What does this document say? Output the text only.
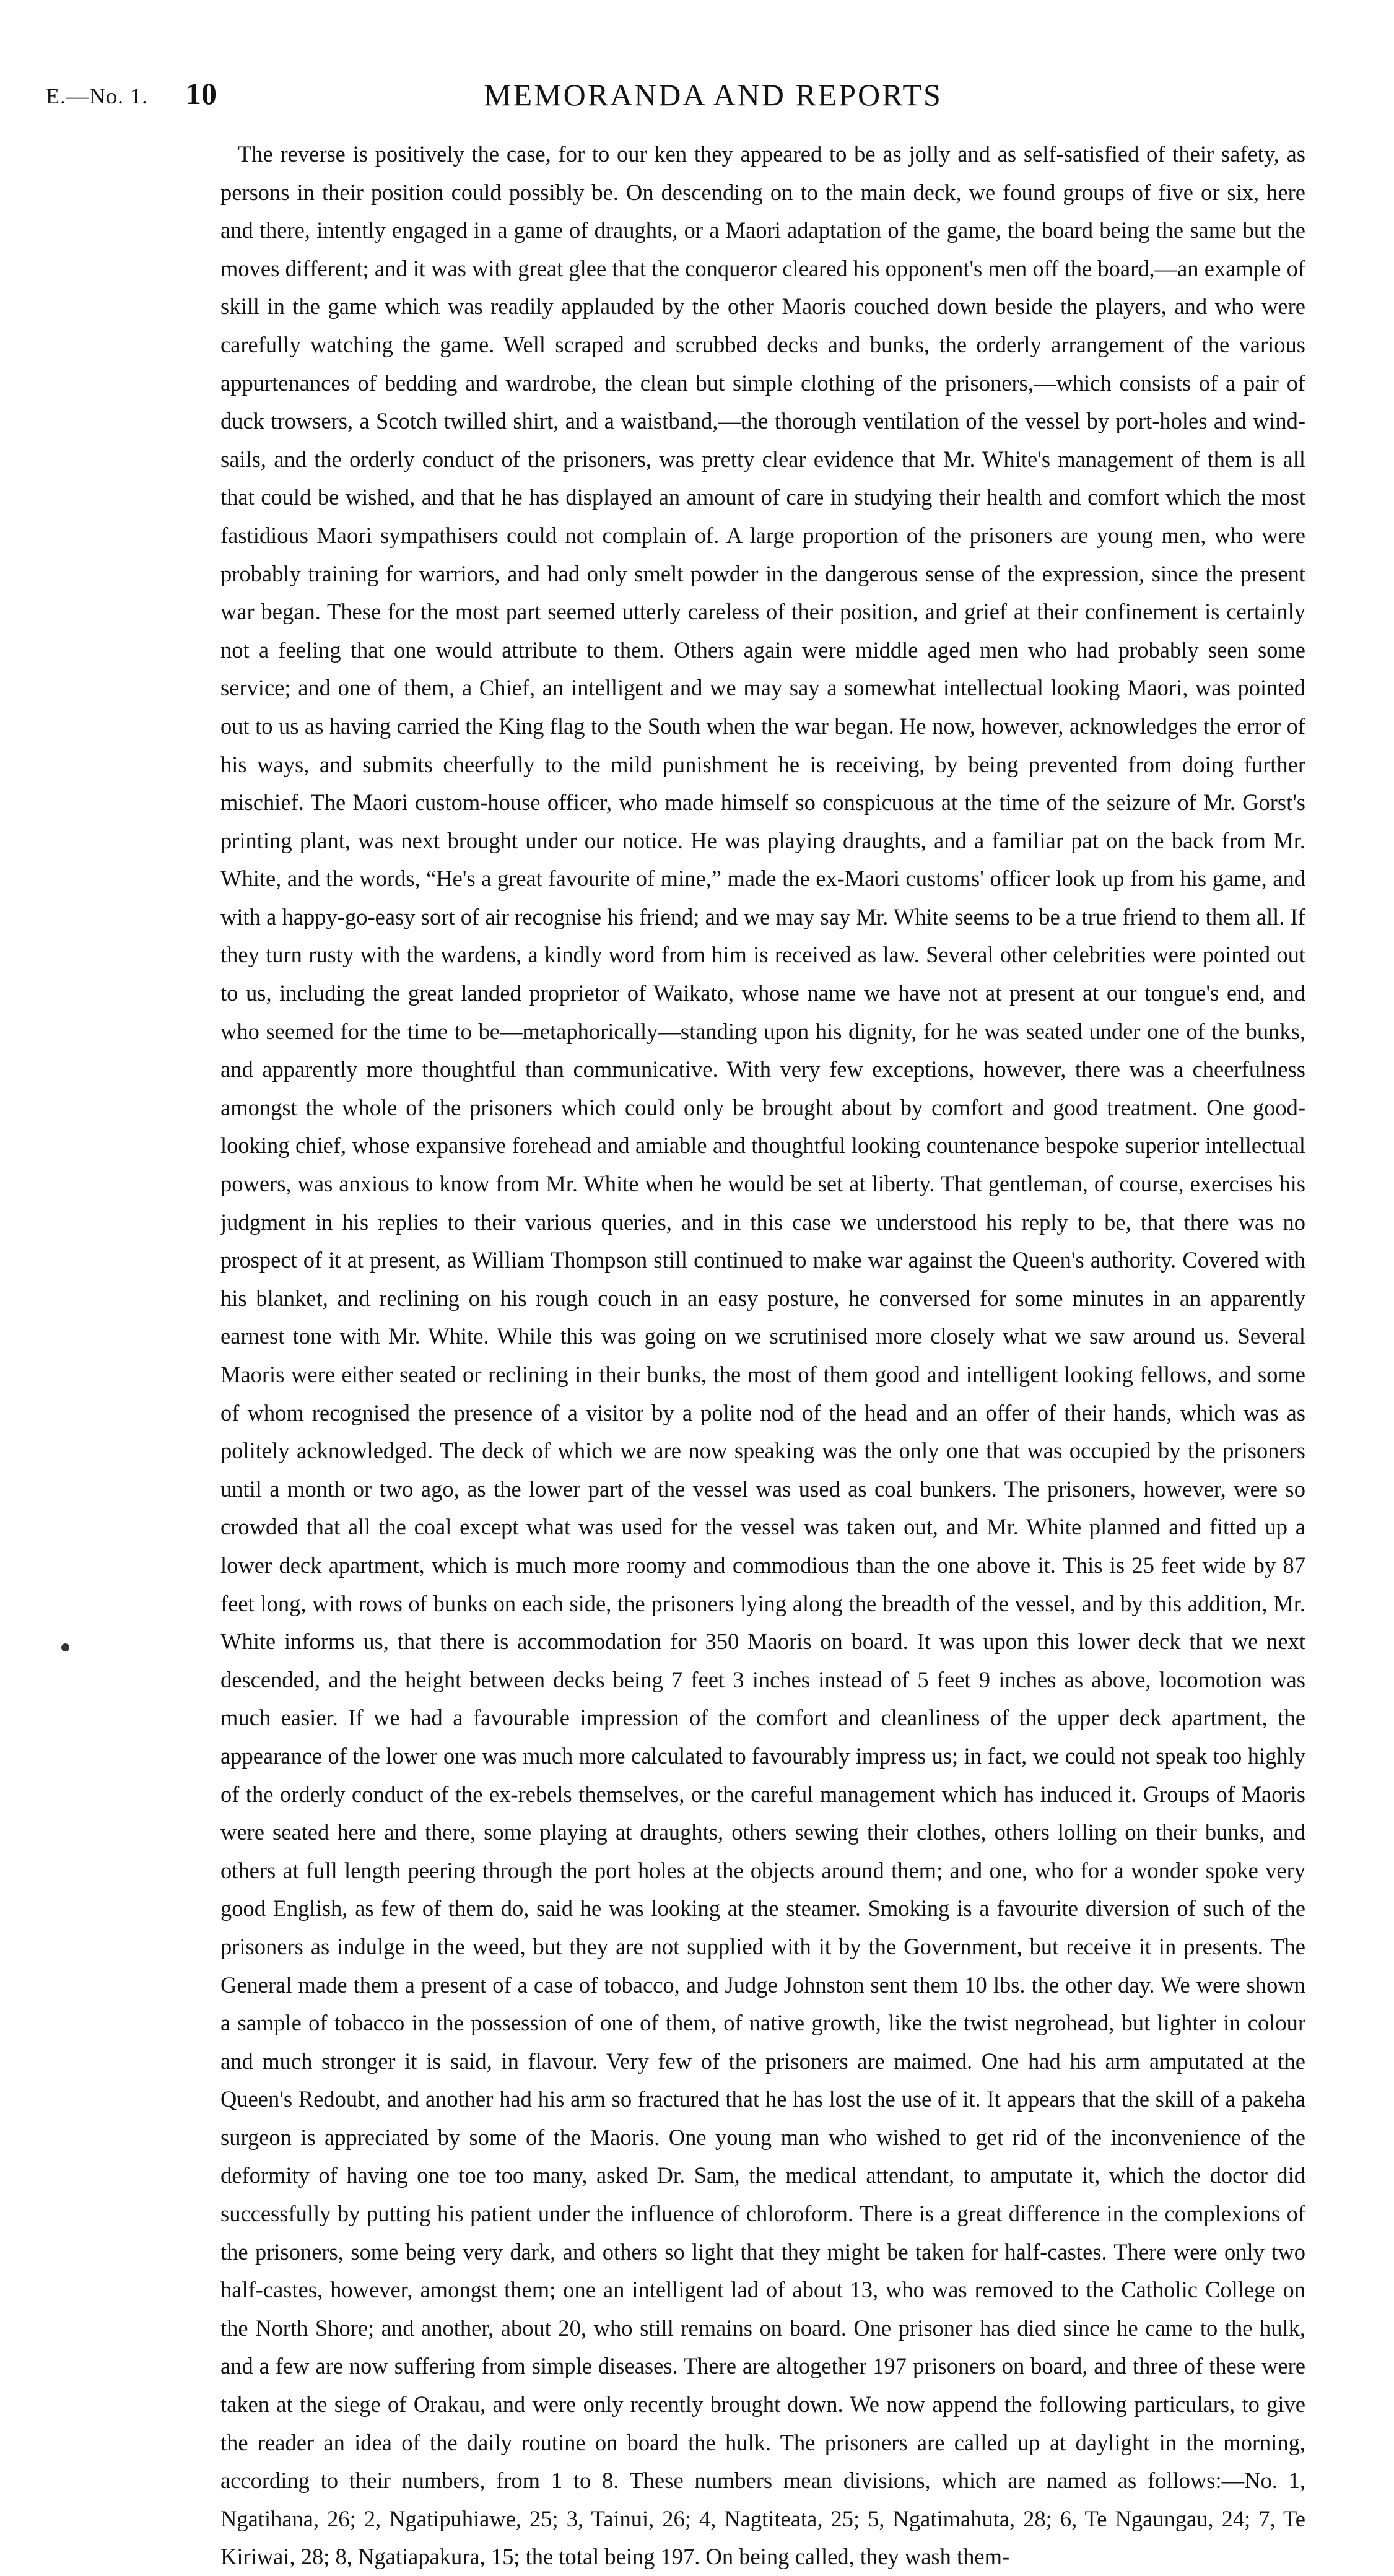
E.—No. 1. 10	MEMORANDA AND REPORTS

The reverse is positively the case, for to our ken they appeared to be as jolly and as self-satisfied of their safety, as persons in their position could possibly be. On descending on to the main deck, we found groups of five or six, here and there, intently engaged in a game of draughts, or a Maori adaptation of the game, the board being the same but the moves different; and it was with great glee that the conqueror cleared his opponent's men off the board,—an example of skill in the game which was readily applauded by the other Maoris couched down beside the players, and who were carefully watching the game. Well scraped and scrubbed decks and bunks, the orderly arrangement of the various appurtenances of bedding and wardrobe, the clean but simple clothing of the prisoners,—which consists of a pair of duck trowsers, a Scotch twilled shirt, and a waistband,—the thorough ventilation of the vessel by port-holes and wind-sails, and the orderly conduct of the prisoners, was pretty clear evidence that Mr. White's management of them is all that could be wished, and that he has displayed an amount of care in studying their health and comfort which the most fastidious Maori sympathisers could not complain of. A large proportion of the prisoners are young men, who were probably training for warriors, and had only smelt powder in the dangerous sense of the expression, since the present war began. These for the most part seemed utterly careless of their position, and grief at their confinement is certainly not a feeling that one would attribute to them. Others again were middle aged men who had probably seen some service; and one of them, a Chief, an intelligent and we may say a somewhat intellectual looking Maori, was pointed out to us as having carried the King flag to the South when the war began. He now, however, acknowledges the error of his ways, and submits cheerfully to the mild punishment he is receiving, by being prevented from doing further mischief. The Maori custom-house officer, who made himself so conspicuous at the time of the seizure of Mr. Gorst's printing plant, was next brought under our notice. He was playing draughts, and a familiar pat on the back from Mr. White, and the words, “He's a great favourite of mine,” made the ex-Maori customs' officer look up from his game, and with a happy-go-easy sort of air recognise his friend; and we may say Mr. White seems to be a true friend to them all. If they turn rusty with the wardens, a kindly word from him is received as law. Several other celebrities were pointed out to us, including the great landed proprietor of Waikato, whose name we have not at present at our tongue's end, and who seemed for the time to be—metaphorically—standing upon his dignity, for he was seated under one of the bunks, and apparently more thoughtful than communicative. With very few exceptions, however, there was a cheerfulness amongst the whole of the prisoners which could only be brought about by comfort and good treatment. One good-looking chief, whose expansive forehead and amiable and thoughtful looking countenance bespoke superior intellectual powers, was anxious to know from Mr. White when he would be set at liberty. That gentleman, of course, exercises his judgment in his replies to their various queries, and in this case we understood his reply to be, that there was no prospect of it at present, as William Thompson still continued to make war against the Queen's authority. Covered with his blanket, and reclining on his rough couch in an easy posture, he conversed for some minutes in an apparently earnest tone with Mr. White. While this was going on we scrutinised more closely what we saw around us. Several Maoris were either seated or reclining in their bunks, the most of them good and intelligent looking fellows, and some of whom recognised the presence of a visitor by a polite nod of the head and an offer of their hands, which was as politely acknowledged. The deck of which we are now speaking was the only one that was occupied by the prisoners until a month or two ago, as the lower part of the vessel was used as coal bunkers. The prisoners, however, were so crowded that all the coal except what was used for the vessel was taken out, and Mr. White planned and fitted up a lower deck apartment, which is much more roomy and commodious than the one above it. This is 25 feet wide by 87 feet long, with rows of bunks on each side, the prisoners lying along the breadth of the vessel, and by this addition, Mr. White informs us, that there is accommodation for 350 Maoris on board. It was upon this lower deck that we next descended, and the height between decks being 7 feet 3 inches instead of 5 feet 9 inches as above, locomotion was much easier. If we had a favourable impression of the comfort and cleanliness of the upper deck apartment, the appearance of the lower one was much more calculated to favourably impress us; in fact, we could not speak too highly of the orderly conduct of the ex-rebels themselves, or the careful management which has induced it. Groups of Maoris were seated here and there, some playing at draughts, others sewing their clothes, others lolling on their bunks, and others at full length peering through the port holes at the objects around them; and one, who for a wonder spoke very good English, as few of them do, said he was looking at the steamer. Smoking is a favourite diversion of such of the prisoners as indulge in the weed, but they are not supplied with it by the Government, but receive it in presents. The General made them a present of a case of tobacco, and Judge Johnston sent them 10 lbs. the other day. We were shown a sample of tobacco in the possession of one of them, of native growth, like the twist negrohead, but lighter in colour and much stronger it is said, in flavour. Very few of the prisoners are maimed. One had his arm amputated at the Queen's Redoubt, and another had his arm so fractured that he has lost the use of it. It appears that the skill of a pakeha surgeon is appreciated by some of the Maoris. One young man who wished to get rid of the inconvenience of the deformity of having one toe too many, asked Dr. Sam, the medical attendant, to amputate it, which the doctor did successfully by putting his patient under the influence of chloroform. There is a great difference in the complexions of the prisoners, some being very dark, and others so light that they might be taken for half-castes. There were only two half-castes, however, amongst them; one an intelligent lad of about 13, who was removed to the Catholic College on the North Shore; and another, about 20, who still remains on board. One prisoner has died since he came to the hulk, and a few are now suffering from simple diseases. There are altogether 197 prisoners on board, and three of these were taken at the siege of Orakau, and were only recently brought down. We now append the following particulars, to give the reader an idea of the daily routine on board the hulk. The prisoners are called up at daylight in the morning, according to their numbers, from 1 to 8. These numbers mean divisions, which are named as follows:—No. 1, Ngatihana, 26; 2, Ngatipuhiawe, 25; 3, Tainui, 26; 4, Nagtiteata, 25; 5, Ngatimahuta, 28; 6, Te Ngaungau, 24; 7, Te Kiriwai, 28; 8, Ngatiapakura, 15; the total being 197. On being called, they wash them-
